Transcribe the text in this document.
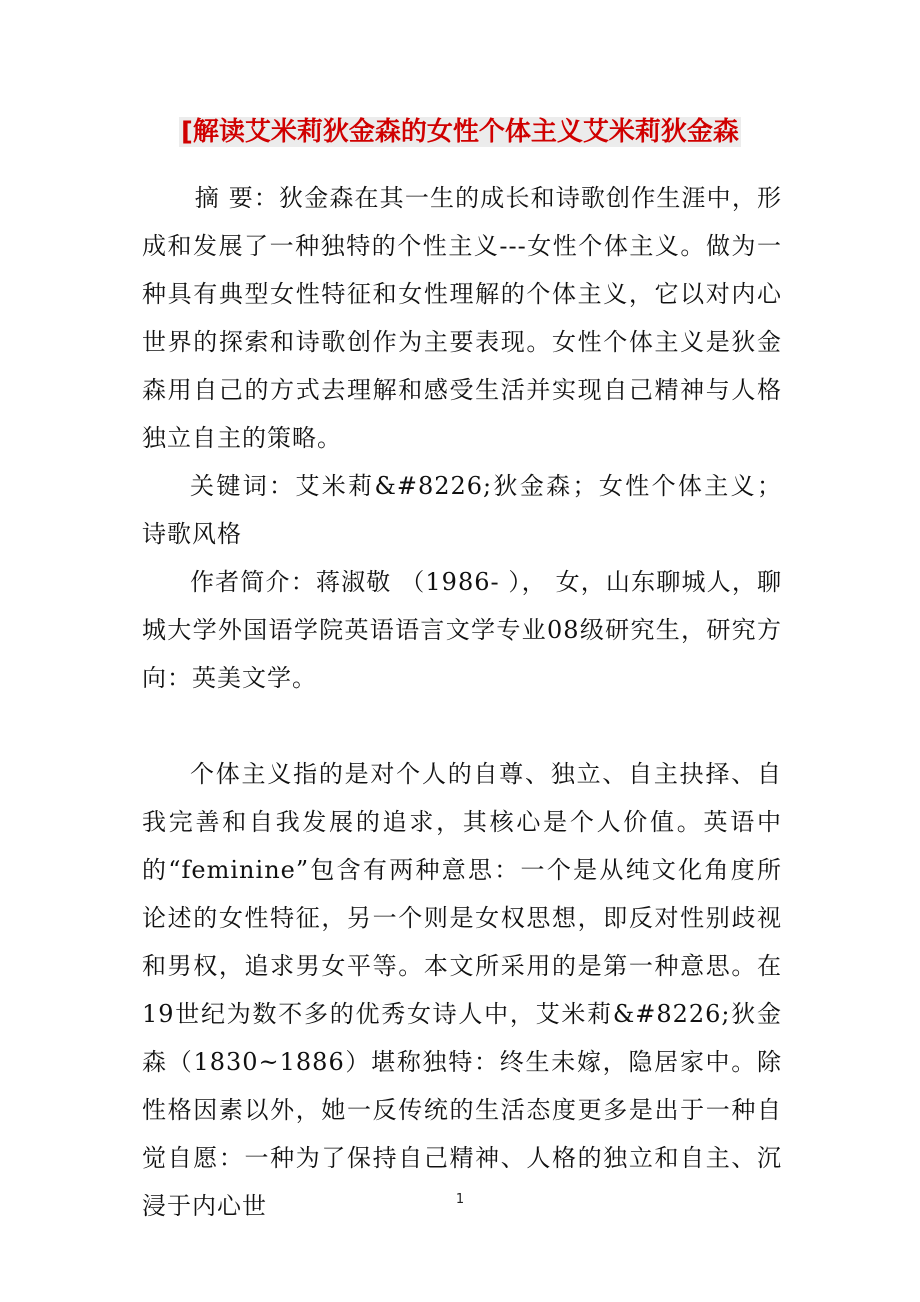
[解读艾米莉狄金森的女性个体主义艾米莉狄金森

摘 要：狄金森在其一生的成长和诗歌创作生涯中，形成和发展了一种独特的个性主义---女性个体主义。做为一种具有典型女性特征和女性理解的个体主义，它以对内心世界的探索和诗歌创作为主要表现。女性个体主义是狄金森用自己的方式去理解和感受生活并实现自己精神与人格独立自主的策略。

关键词：艾米莉&#8226;狄金森；女性个体主义；诗歌风格

作者简介：蒋淑敬 （1986- ）， 女，山东聊城人，聊城大学外国语学院英语语言文学专业08级研究生，研究方向：英美文学。

个体主义指的是对个人的自尊、独立、自主抉择、自我完善和自我发展的追求，其核心是个人价值。英语中的“feminine”包含有两种意思：一个是从纯文化角度所论述的女性特征，另一个则是女权思想，即反对性别歧视和男权，追求男女平等。本文所采用的是第一种意思。在19世纪为数不多的优秀女诗人中，艾米莉&#8226;狄金森（1830~1886）堪称独特：终生未嫁，隐居家中。除性格因素以外，她一反传统的生活态度更多是出于一种自觉自愿：一种为了保持自己精神、人格的独立和自主、沉浸于内心世	1
